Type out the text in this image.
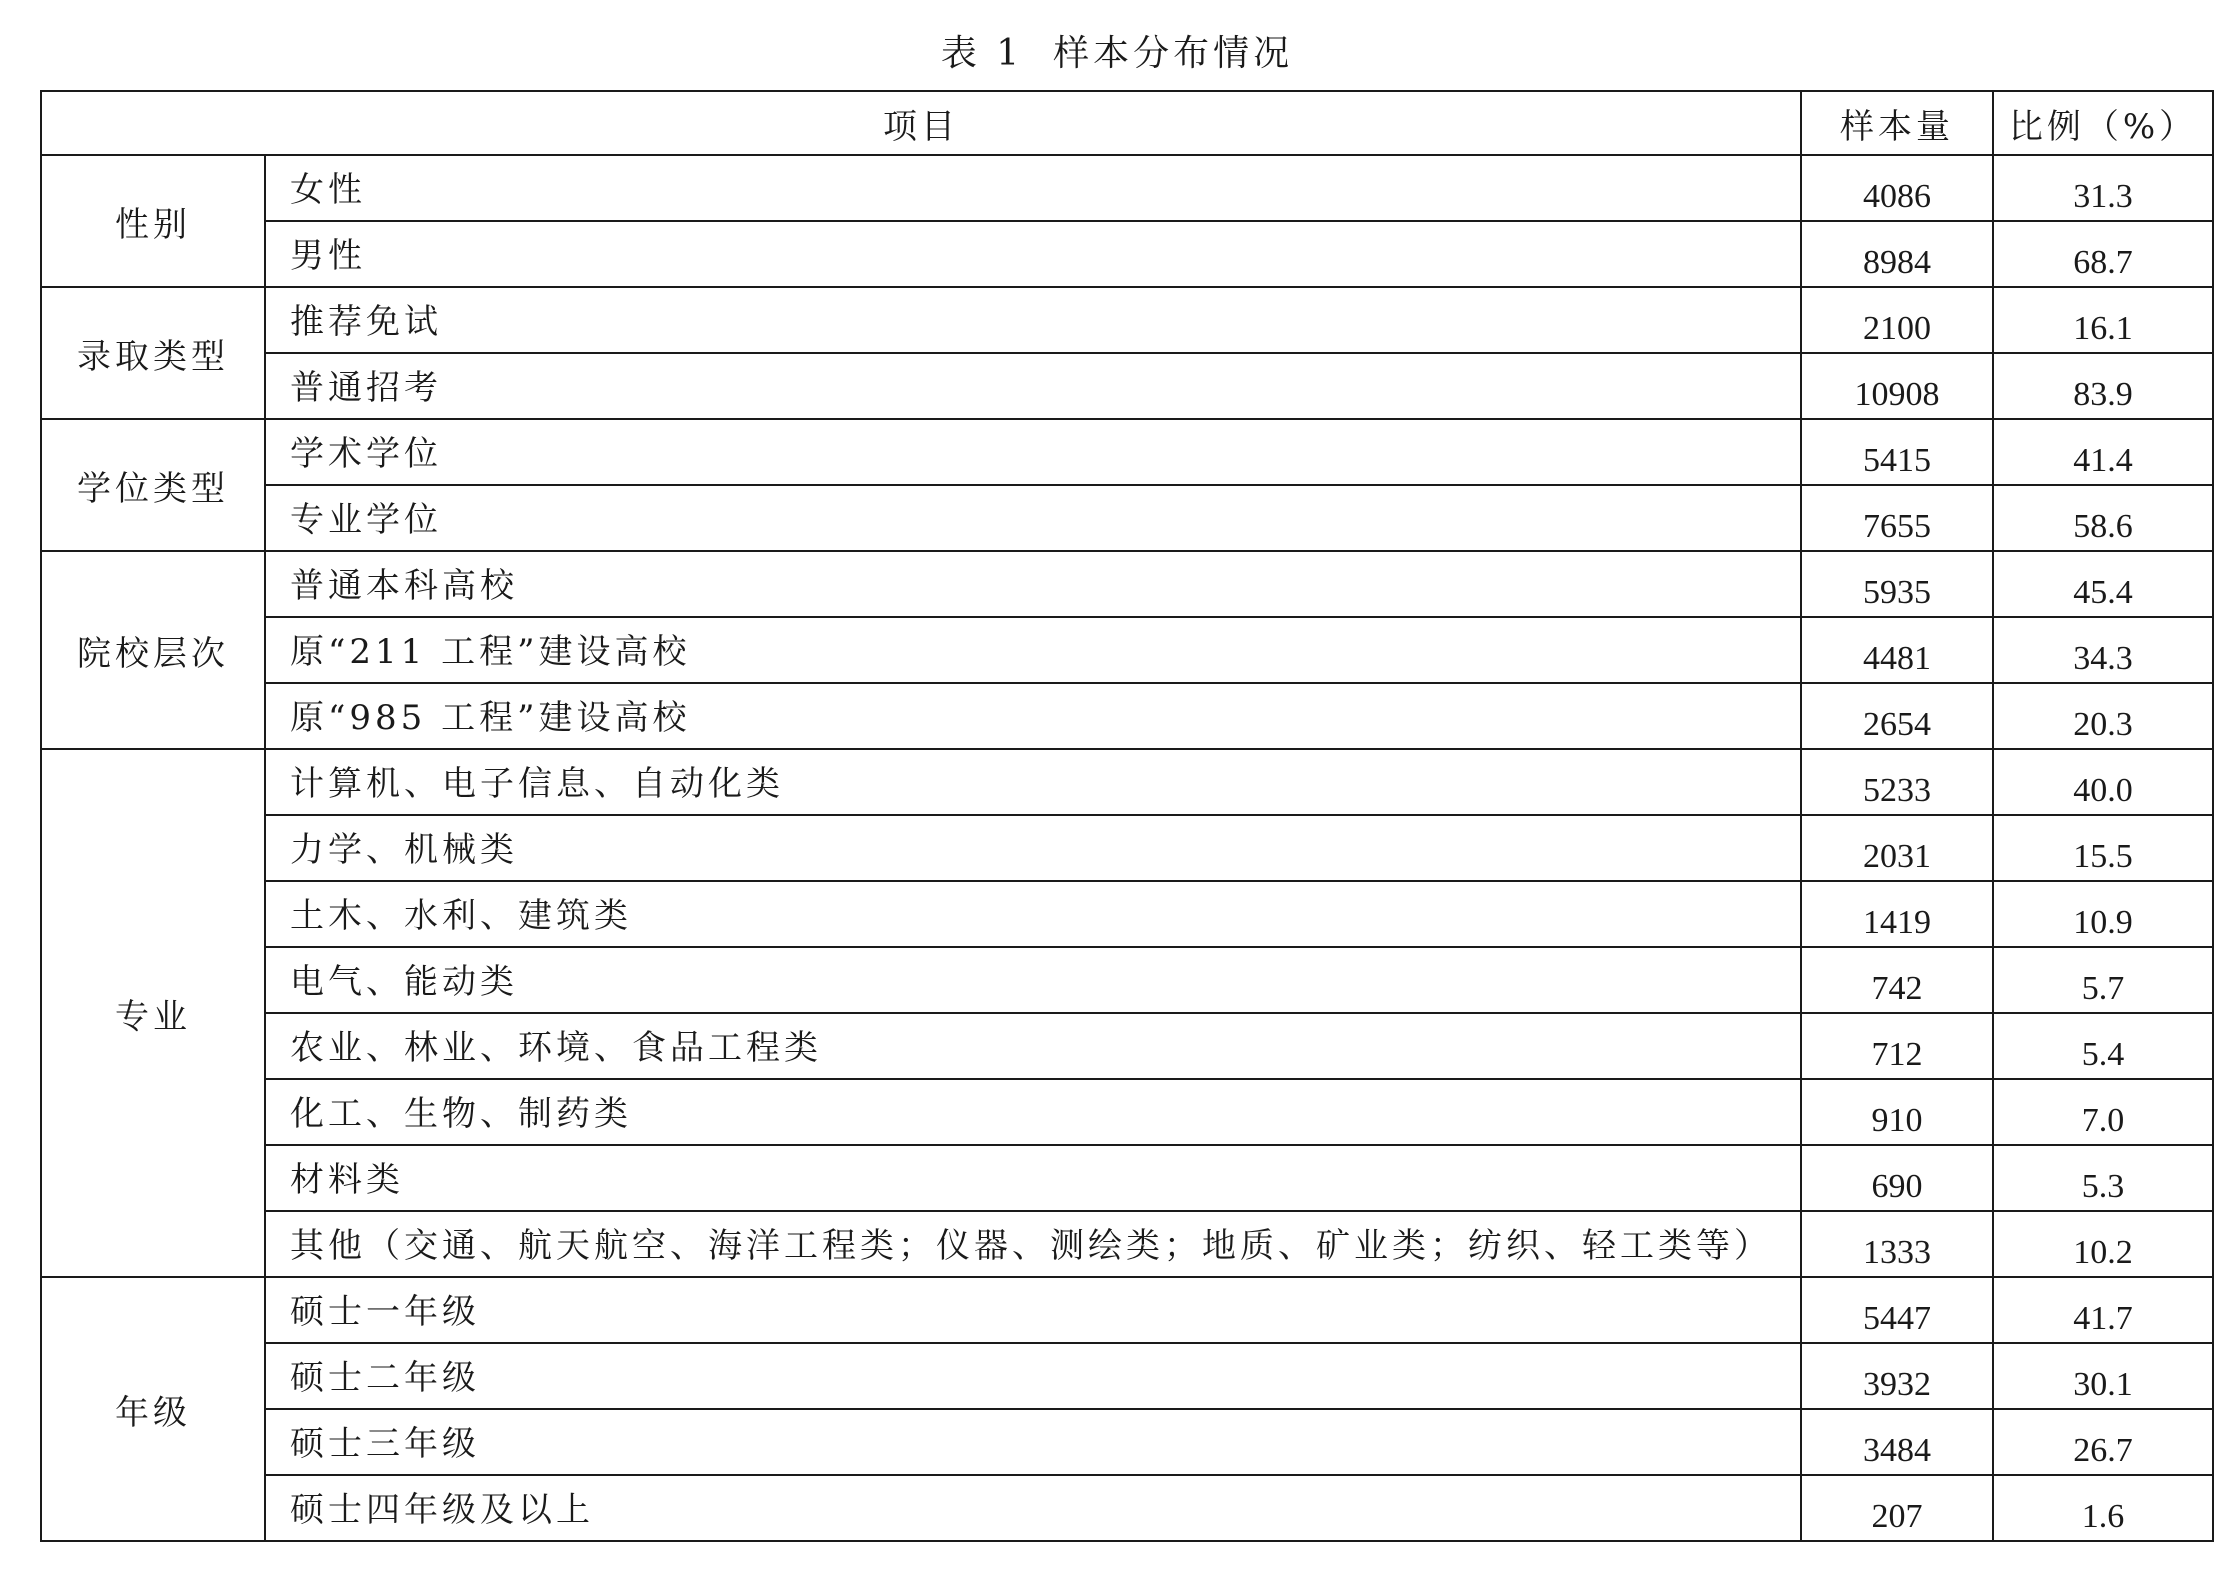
表 1 样本分布情况
项目		样本量	比例（%）
性别	女性	4086	31.3
	男性	8984	68.7
录取类型	推荐免试	2100	16.1
	普通招考	10908	83.9
学位类型	学术学位	5415	41.4
	专业学位	7655	58.6
院校层次	普通本科高校	5935	45.4
	原“211 工程”建设高校	4481	34.3
	原“985 工程”建设高校	2654	20.3
专业	计算机、电子信息、自动化类	5233	40.0
	力学、机械类	2031	15.5
	土木、水利、建筑类	1419	10.9
	电气、能动类	742	5.7
	农业、林业、环境、食品工程类	712	5.4
	化工、生物、制药类	910	7.0
	材料类	690	5.3
	其他（交通、航天航空、海洋工程类；仪器、测绘类；地质、矿业类；纺织、轻工类等）	1333	10.2
年级	硕士一年级	5447	41.7
	硕士二年级	3932	30.1
	硕士三年级	3484	26.7
	硕士四年级及以上	207	1.6
